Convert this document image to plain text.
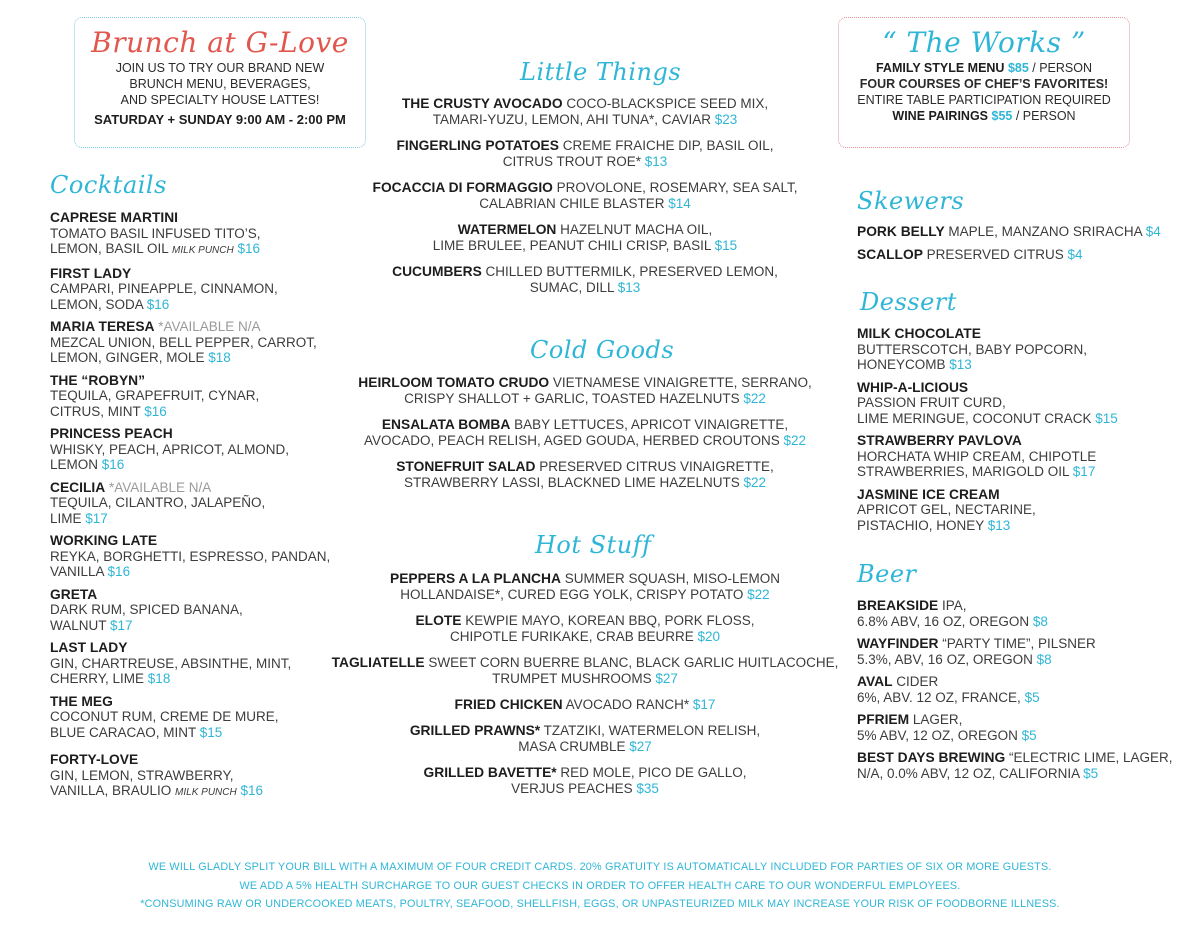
Brunch at G-Love

JOIN US TO TRY OUR BRAND NEW

BRUNCH MENU, BEVERAGES,

AND SPECIALTY HOUSE LATTES!

SATURDAY + SUNDAY 9:00 AM - 2:00 PM

“ The Works ”

FAMILY STYLE MENU $85 / PERSON

FOUR COURSES OF CHEF’S FAVORITES!

ENTIRE TABLE PARTICIPATION REQUIRED

WINE PAIRINGS $55 / PERSON

Cocktails
Little Things
Cold Goods
Hot Stuff
Skewers
Dessert
Beer
CAPRESE MARTINI
TOMATO BASIL INFUSED TITO’S,
LEMON, BASIL OIL MILK PUNCH $16
FIRST LADY
CAMPARI, PINEAPPLE, CINNAMON,
LEMON, SODA $16
MARIA TERESA *AVAILABLE N/A
MEZCAL UNION, BELL PEPPER, CARROT,
LEMON, GINGER, MOLE $18
THE “ROBYN”
TEQUILA, GRAPEFRUIT, CYNAR,
CITRUS, MINT $16
PRINCESS PEACH
WHISKY, PEACH, APRICOT, ALMOND,
LEMON $16
CECILIA *AVAILABLE N/A
TEQUILA, CILANTRO, JALAPEÑO,
LIME $17
WORKING LATE
REYKA, BORGHETTI, ESPRESSO, PANDAN,
VANILLA $16
GRETA
DARK RUM, SPICED BANANA,
WALNUT $17
LAST LADY
GIN, CHARTREUSE, ABSINTHE, MINT,
CHERRY, LIME $18
THE MEG
COCONUT RUM, CREME DE MURE,
BLUE CARACAO, MINT $15
FORTY-LOVE
GIN, LEMON, STRAWBERRY,
VANILLA, BRAULIO MILK PUNCH $16
THE CRUSTY AVOCADO COCO-BLACKSPICE SEED MIX,
TAMARI-YUZU, LEMON, AHI TUNA*, CAVIAR $23
FINGERLING POTATOES CREME FRAICHE DIP, BASIL OIL,
CITRUS TROUT ROE* $13
FOCACCIA DI FORMAGGIO PROVOLONE, ROSEMARY, SEA SALT,
CALABRIAN CHILE BLASTER $14
WATERMELON HAZELNUT MACHA OIL,
LIME BRULEE, PEANUT CHILI CRISP, BASIL $15
CUCUMBERS CHILLED BUTTERMILK, PRESERVED LEMON,
SUMAC, DILL $13
HEIRLOOM TOMATO CRUDO VIETNAMESE VINAIGRETTE, SERRANO,
CRISPY SHALLOT + GARLIC, TOASTED HAZELNUTS $22
ENSALATA BOMBA BABY LETTUCES, APRICOT VINAIGRETTE,
AVOCADO, PEACH RELISH, AGED GOUDA, HERBED CROUTONS $22
STONEFRUIT SALAD PRESERVED CITRUS VINAIGRETTE,
STRAWBERRY LASSI, BLACKNED LIME HAZELNUTS $22
PEPPERS A LA PLANCHA SUMMER SQUASH, MISO-LEMON
HOLLANDAISE*, CURED EGG YOLK, CRISPY POTATO $22
ELOTE KEWPIE MAYO, KOREAN BBQ, PORK FLOSS,
CHIPOTLE FURIKAKE, CRAB BEURRE $20
TAGLIATELLE SWEET CORN BUERRE BLANC, BLACK GARLIC HUITLACOCHE,
TRUMPET MUSHROOMS $27
FRIED CHICKEN AVOCADO RANCH* $17
GRILLED PRAWNS* TZATZIKI, WATERMELON RELISH,
MASA CRUMBLE $27
GRILLED BAVETTE* RED MOLE, PICO DE GALLO,
VERJUS PEACHES $35
PORK BELLY MAPLE, MANZANO SRIRACHA $4
SCALLOP PRESERVED CITRUS $4
MILK CHOCOLATE
BUTTERSCOTCH, BABY POPCORN,
HONEYCOMB $13
WHIP-A-LICIOUS
PASSION FRUIT CURD,
LIME MERINGUE, COCONUT CRACK $15
STRAWBERRY PAVLOVA
HORCHATA WHIP CREAM, CHIPOTLE
STRAWBERRIES, MARIGOLD OIL $17
JASMINE ICE CREAM
APRICOT GEL, NECTARINE,
PISTACHIO, HONEY $13
BREAKSIDE IPA,
6.8% ABV, 16 OZ, OREGON $8
WAYFINDER “PARTY TIME”, PILSNER
5.3%, ABV, 16 OZ, OREGON $8
AVAL CIDER
6%, ABV. 12 OZ, FRANCE, $5
PFRIEM LAGER,
5% ABV, 12 OZ, OREGON $5
BEST DAYS BREWING “ELECTRIC LIME, LAGER,
N/A, 0.0% ABV, 12 OZ, CALIFORNIA $5
WE WILL GLADLY SPLIT YOUR BILL WITH A MAXIMUM OF FOUR CREDIT CARDS. 20% GRATUITY IS AUTOMATICALLY INCLUDED FOR PARTIES OF SIX OR MORE GUESTS.
WE ADD A 5% HEALTH SURCHARGE TO OUR GUEST CHECKS IN ORDER TO OFFER HEALTH CARE TO OUR WONDERFUL EMPLOYEES.
*CONSUMING RAW OR UNDERCOOKED MEATS, POULTRY, SEAFOOD, SHELLFISH, EGGS, OR UNPASTEURIZED MILK MAY INCREASE YOUR RISK OF FOODBORNE ILLNESS.
